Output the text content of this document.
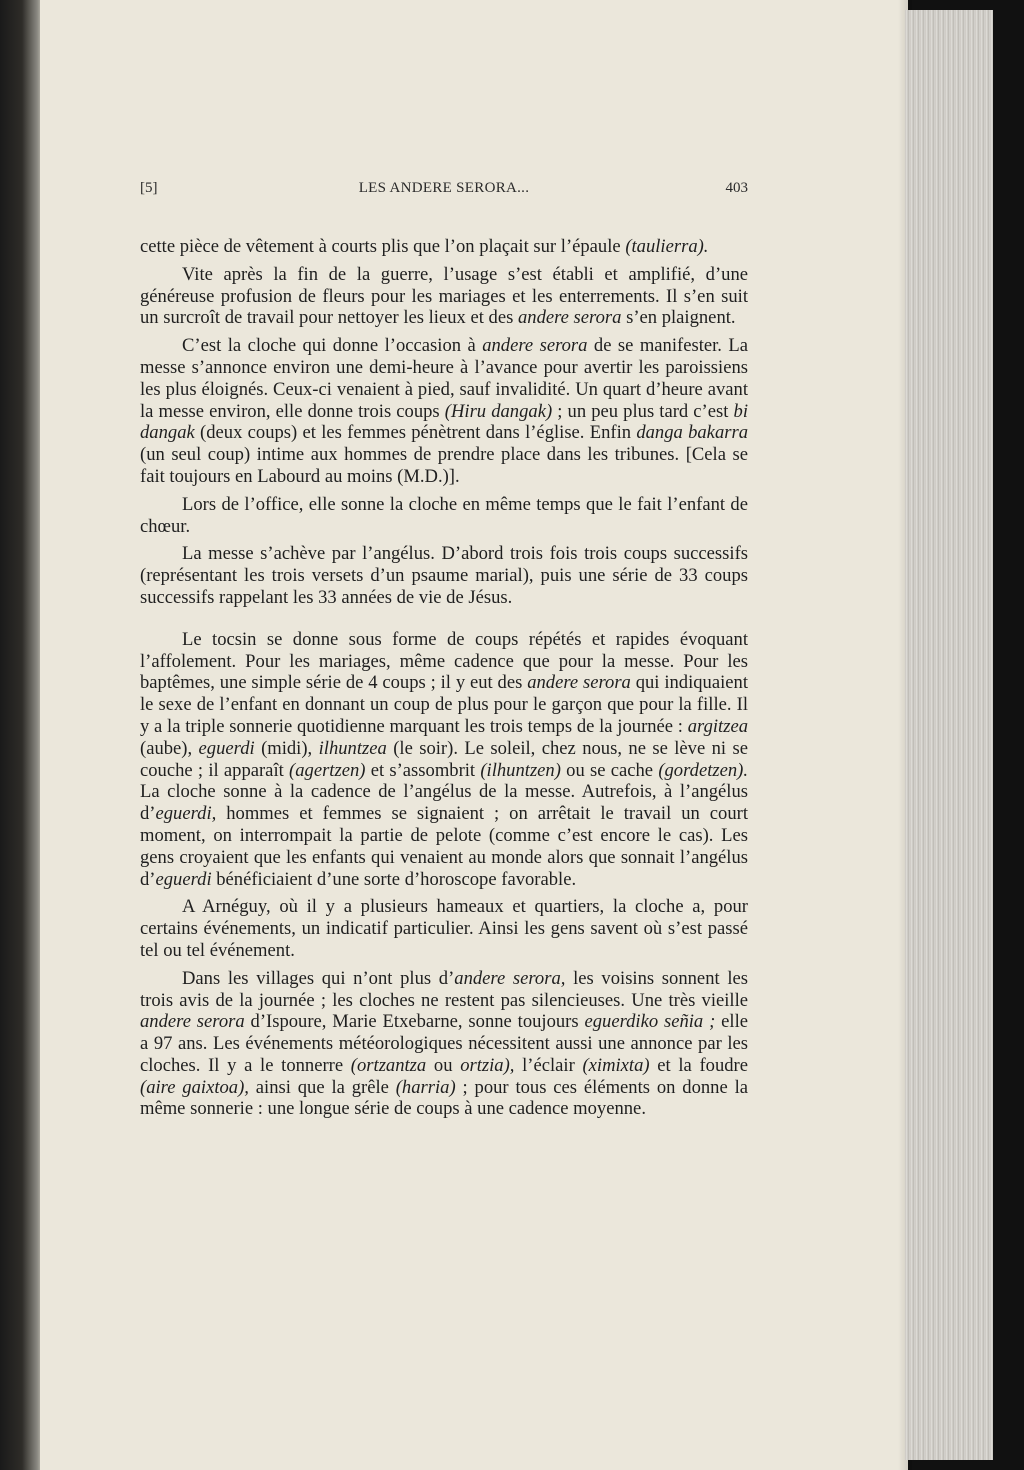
[5]	LES ANDERE SERORA...	403

cette pièce de vêtement à courts plis que l’on plaçait sur l’épaule (taulierra).

Vite après la fin de la guerre, l’usage s’est établi et amplifié, d’une généreuse profusion de fleurs pour les mariages et les enterrements. Il s’en suit un surcroît de travail pour nettoyer les lieux et des andere serora s’en plaignent.

C’est la cloche qui donne l’occasion à andere serora de se manifester. La messe s’annonce environ une demi-heure à l’avance pour avertir les paroissiens les plus éloignés. Ceux-ci venaient à pied, sauf invalidité. Un quart d’heure avant la messe environ, elle donne trois coups (Hiru dangak) ; un peu plus tard c’est bi dangak (deux coups) et les femmes pénètrent dans l’église. Enfin danga bakarra (un seul coup) intime aux hommes de prendre place dans les tribunes. [Cela se fait toujours en Labourd au moins (M.D.)].

Lors de l’office, elle sonne la cloche en même temps que le fait l’enfant de chœur.

La messe s’achève par l’angélus. D’abord trois fois trois coups successifs (représentant les trois versets d’un psaume marial), puis une série de 33 coups successifs rappelant les 33 années de vie de Jésus.

Le tocsin se donne sous forme de coups répétés et rapides évoquant l’affolement. Pour les mariages, même cadence que pour la messe. Pour les baptêmes, une simple série de 4 coups ; il y eut des andere serora qui indiquaient le sexe de l’enfant en donnant un coup de plus pour le garçon que pour la fille. Il y a la triple sonnerie quotidienne marquant les trois temps de la journée : argitzea (aube), eguerdi (midi), ilhuntzea (le soir). Le soleil, chez nous, ne se lève ni se couche ; il apparaît (agertzen) et s’assombrit (ilhuntzen) ou se cache (gordetzen). La cloche sonne à la cadence de l’angélus de la messe. Autrefois, à l’angélus d’eguerdi, hommes et femmes se signaient ; on arrêtait le travail un court moment, on interrompait la partie de pelote (comme c’est encore le cas). Les gens croyaient que les enfants qui venaient au monde alors que sonnait l’angélus d’eguerdi bénéficiaient d’une sorte d’horoscope favorable.

A Arnéguy, où il y a plusieurs hameaux et quartiers, la cloche a, pour certains événements, un indicatif particulier. Ainsi les gens savent où s’est passé tel ou tel événement.

Dans les villages qui n’ont plus d’andere serora, les voisins sonnent les trois avis de la journée ; les cloches ne restent pas silencieuses. Une très vieille andere serora d’Ispoure, Marie Etxebarne, sonne toujours eguerdiko señia ; elle a 97 ans. Les événements météorologiques nécessitent aussi une annonce par les cloches. Il y a le tonnerre (ortzantza ou ortzia), l’éclair (ximixta) et la foudre (aire gaixtoa), ainsi que la grêle (harria) ; pour tous ces éléments on donne la même sonnerie : une longue série de coups à une cadence moyenne.
